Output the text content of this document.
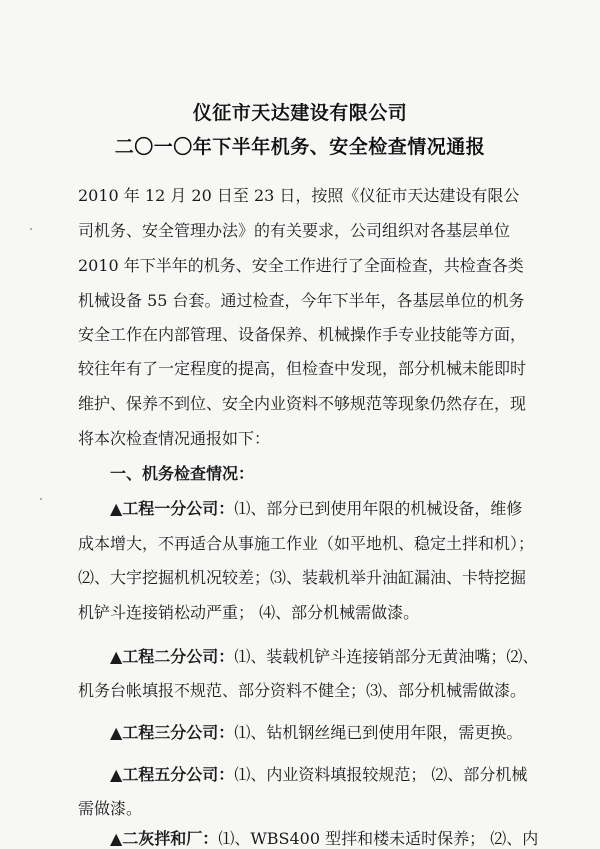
仪征市天达建设有限公司
二〇一〇年下半年机务、安全检查情况通报
2010 年 12 月 20 日至 23 日，按照《仪征市天达建设有限公
司机务、安全管理办法》的有关要求，公司组织对各基层单位
2010 年下半年的机务、安全工作进行了全面检查，共检查各类
机械设备 55 台套。通过检查，今年下半年，各基层单位的机务
安全工作在内部管理、设备保养、机械操作手专业技能等方面，
较往年有了一定程度的提高，但检查中发现，部分机械未能即时
维护、保养不到位、安全内业资料不够规范等现象仍然存在，现
将本次检查情况通报如下：
一、机务检查情况：
▲工程一分公司：⑴、部分已到使用年限的机械设备，维修
成本增大，不再适合从事施工作业（如平地机、稳定土拌和机）；
⑵、大宇挖掘机机况较差；⑶、装载机举升油缸漏油、卡特挖掘
机铲斗连接销松动严重； ⑷、部分机械需做漆。
▲工程二分公司：⑴、装载机铲斗连接销部分无黄油嘴；⑵、
机务台帐填报不规范、部分资料不健全；⑶、部分机械需做漆。
▲工程三分公司：⑴、钻机钢丝绳已到使用年限，需更换。
▲工程五分公司：⑴、内业资料填报较规范； ⑵、部分机械
需做漆。
▲二灰拌和厂：⑴、WBS400 型拌和楼未适时保养； ⑵、内
